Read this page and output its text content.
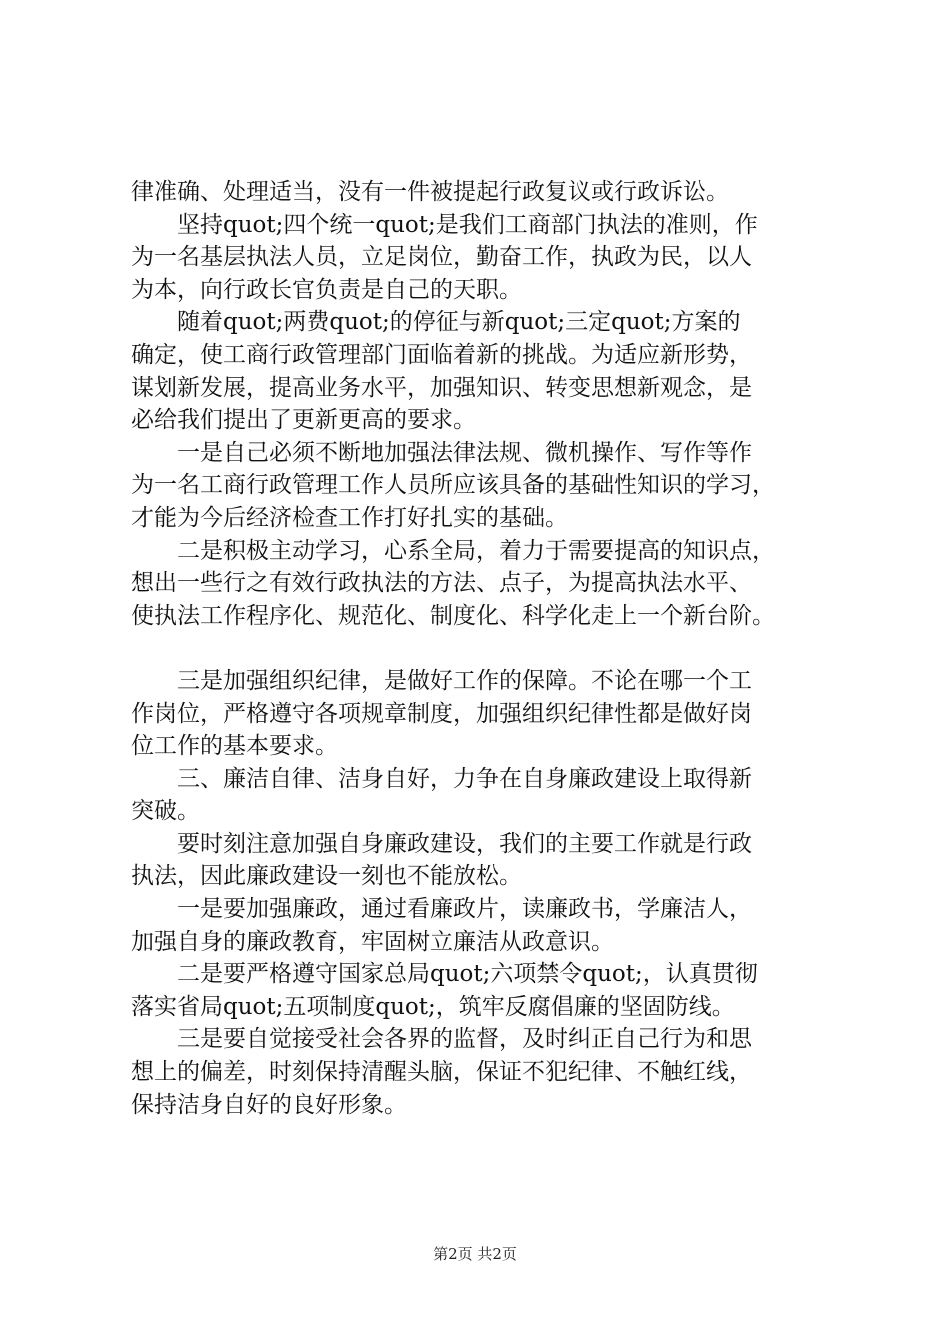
律准确、处理适当，没有一件被提起行政复议或行政诉讼。
　　坚持quot;四个统一quot;是我们工商部门执法的准则，作
为一名基层执法人员，立足岗位，勤奋工作，执政为民，以人
为本，向行政长官负责是自己的天职。
　　随着quot;两费quot;的停征与新quot;三定quot;方案的
确定，使工商行政管理部门面临着新的挑战。为适应新形势，
谋划新发展，提高业务水平，加强知识、转变思想新观念，是
必给我们提出了更新更高的要求。
　　一是自己必须不断地加强法律法规、微机操作、写作等作
为一名工商行政管理工作人员所应该具备的基础性知识的学习，
才能为今后经济检查工作打好扎实的基础。
　　二是积极主动学习，心系全局，着力于需要提高的知识点，
想出一些行之有效行政执法的方法、点子，为提高执法水平、
使执法工作程序化、规范化、制度化、科学化走上一个新台阶。
　　三是加强组织纪律，是做好工作的保障。不论在哪一个工
作岗位，严格遵守各项规章制度，加强组织纪律性都是做好岗
位工作的基本要求。
　　三、廉洁自律、洁身自好，力争在自身廉政建设上取得新
突破。
　　要时刻注意加强自身廉政建设，我们的主要工作就是行政
执法，因此廉政建设一刻也不能放松。
　　一是要加强廉政，通过看廉政片，读廉政书，学廉洁人，
加强自身的廉政教育，牢固树立廉洁从政意识。
　　二是要严格遵守国家总局quot;六项禁令quot;，认真贯彻
落实省局quot;五项制度quot;，筑牢反腐倡廉的坚固防线。
　　三是要自觉接受社会各界的监督，及时纠正自己行为和思
想上的偏差，时刻保持清醒头脑，保证不犯纪律、不触红线，
保持洁身自好的良好形象。
第2页 共2页
